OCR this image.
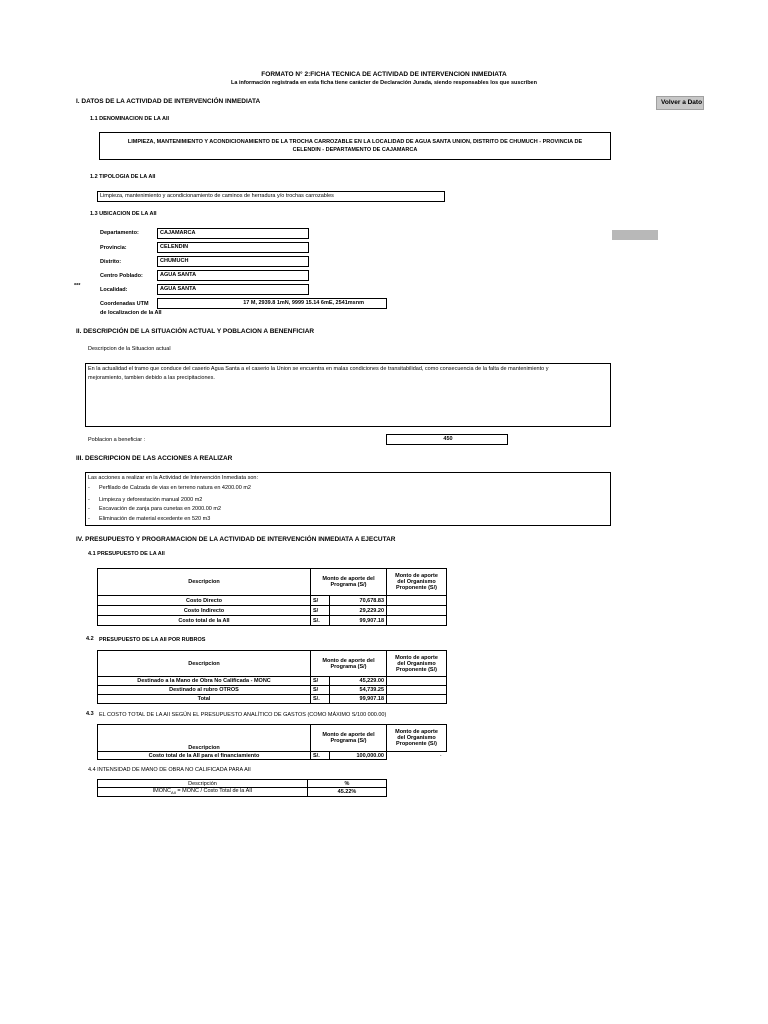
FORMATO N° 2:FICHA TECNICA DE ACTIVIDAD DE INTERVENCION INMEDIATA
La información registrada en esta ficha tiene carácter de Declaración Jurada, siendo responsables los que suscriben
Volver a Dato
I. DATOS DE LA ACTIVIDAD DE INTERVENCIÓN INMEDIATA
1.1 DENOMINACION DE LA AII
LIMPIEZA, MANTENIMIENTO Y ACONDICIONAMIENTO DE LA TROCHA CARROZABLE EN LA LOCALIDAD DE AGUA SANTA UNION, DISTRITO DE CHUMUCH - PROVINCIA DE
CELENDIN - DEPARTAMENTO DE CAJAMARCA
1.2 TIPOLOGIA DE LA AII
Limpieza, mantenimiento y acondicionamiento de caminos de herradura y/o trochas carrozables
1.3 UBICACION DE LA AII
Departamento:	CAJAMARCA
Provincia:	CELENDIN
Distrito:	CHUMUCH
Centro Poblado:	AGUA SANTA
Localidad:	AGUA SANTA
***
Coordenadas UTM
de localizacion de la AII
17 M, 2939.8 1mN, 9999 15.14 6mE, 2541msnm
II. DESCRIPCIÓN DE LA SITUACIÓN ACTUAL Y POBLACION A BENENFICIAR
Descripcion de la Situacion actual
En la actualidad el tramo que conduce del caserio Agua Santa a el caserio la Union se encuentra en malas condiciones de transitabilidad, como consecuencia de la falta de mantenimiento y
mejoramiento, tambien debido a las precipitaciones.
Poblacion a beneficiar :	450
III. DESCRIPCION DE LAS ACCIONES A REALIZAR
Las acciones a realizar en la Actividad de Intervención Inmediata son:
-      Perfilado de Calzada de vias en terreno natura en 4200.00 m2
-      Limpieza y deforestación manual 2000 m2
-      Excavación de zanja para cunetas en 2000.00 m2
-      Eliminación de material excedente en 520 m3
IV. PRESUPUESTO Y PROGRAMACION DE LA ACTIVIDAD DE INTERVENCIÓN INMEDIATA A EJECUTAR
4.1 PRESUPUESTO DE LA AII
Descripcion	Monto de aporte del
Programa (S/)		Monto de aporte
del Organismo
Proponente (S/)
Costo Directo	S/	70,678.83	
Costo Indirecto	S/	29,229.20	
Costo total de la AII	S/.	99,907.18	
4.2 PRESUPUESTO DE LA AII POR RUBROS
Descripcion	Monto de aporte del
Programa (S/)		Monto de aporte
del Organismo
Proponente (S/)
Destinado a la Mano de Obra No Calificada - MONC	S/	45,229.00	
Destinado al rubro OTROS	S/	54,739.25	
Total	S/.	99,907.18	
4.3 EL COSTO TOTAL DE LA AII SEGÚN EL PRESUPUESTO ANALÍTICO DE GASTOS (COMO MÁXIMO S/100 000.00)
Descripcion	Monto de aporte del
Programa (S/)		Monto de aporte
del Organismo
Proponente (S/)
Costo total de la AII para el financiamiento	S/.	100,000.00		.
4.4 INTENSIDAD DE MANO DE OBRA NO CALIFICADA PARA AII
Descripción	%
$IMONC_{AII}$ = MONC / Costo Total de la AII	45.22%
